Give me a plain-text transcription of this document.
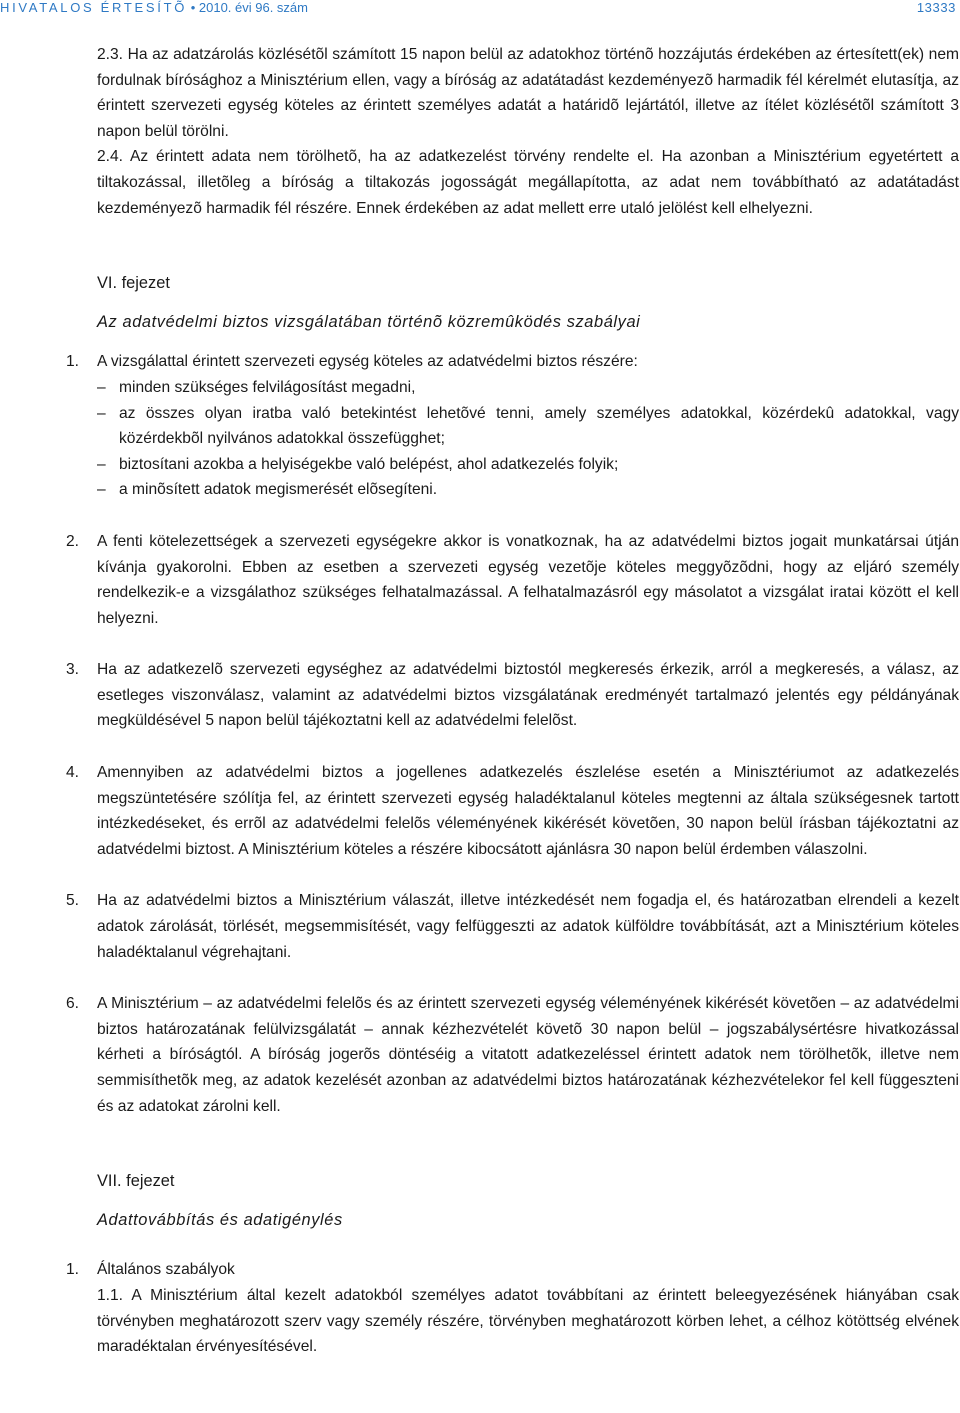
HIVATALOS ÉRTESÍTÕ • 2010. évi 96. szám	13333

2.3. Ha az adatzárolás közlésétõl számított 15 napon belül az adatokhoz történõ hozzájutás érdekében az értesített(ek) nem fordulnak bírósághoz a Minisztérium ellen, vagy a bíróság az adatátadást kezdeményezõ harmadik fél kérelmét elutasítja, az érintett szervezeti egység köteles az érintett személyes adatát a határidõ lejártától, illetve az ítélet közlésétõl számított 3 napon belül törölni.

2.4. Az érintett adata nem törölhetõ, ha az adatkezelést törvény rendelte el. Ha azonban a Minisztérium egyetértett a tiltakozással, illetõleg a bíróság a tiltakozás jogosságát megállapította, az adat nem továbbítható az adatátadást kezdeményezõ harmadik fél részére. Ennek érdekében az adat mellett erre utaló jelölést kell elhelyezni.

VI. fejezet

Az adatvédelmi biztos vizsgálatában történõ közremûködés szabályai

1. A vizsgálattal érintett szervezeti egység köteles az adatvédelmi biztos részére:

– minden szükséges felvilágosítást megadni,

– az összes olyan iratba való betekintést lehetõvé tenni, amely személyes adatokkal, közérdekû adatokkal, vagy közérdekbõl nyilvános adatokkal összefügghet;

– biztosítani azokba a helyiségekbe való belépést, ahol adatkezelés folyik;

– a minõsített adatok megismerését elõsegíteni.

2. A fenti kötelezettségek a szervezeti egységekre akkor is vonatkoznak, ha az adatvédelmi biztos jogait munkatársai útján kívánja gyakorolni. Ebben az esetben a szervezeti egység vezetõje köteles meggyõzõdni, hogy az eljáró személy rendelkezik-e a vizsgálathoz szükséges felhatalmazással. A felhatalmazásról egy másolatot a vizsgálat iratai között el kell helyezni.

3. Ha az adatkezelõ szervezeti egységhez az adatvédelmi biztostól megkeresés érkezik, arról a megkeresés, a válasz, az esetleges viszonválasz, valamint az adatvédelmi biztos vizsgálatának eredményét tartalmazó jelentés egy példányának megküldésével 5 napon belül tájékoztatni kell az adatvédelmi felelõst.

4. Amennyiben az adatvédelmi biztos a jogellenes adatkezelés észlelése esetén a Minisztériumot az adatkezelés megszüntetésére szólítja fel, az érintett szervezeti egység haladéktalanul köteles megtenni az általa szükségesnek tartott intézkedéseket, és errõl az adatvédelmi felelõs véleményének kikérését követõen, 30 napon belül írásban tájékoztatni az adatvédelmi biztost. A Minisztérium köteles a részére kibocsátott ajánlásra 30 napon belül érdemben válaszolni.

5. Ha az adatvédelmi biztos a Minisztérium válaszát, illetve intézkedését nem fogadja el, és határozatban elrendeli a kezelt adatok zárolását, törlését, megsemmisítését, vagy felfüggeszti az adatok külföldre továbbítását, azt a Minisztérium köteles haladéktalanul végrehajtani.

6. A Minisztérium – az adatvédelmi felelõs és az érintett szervezeti egység véleményének kikérését követõen – az adatvédelmi biztos határozatának felülvizsgálatát – annak kézhezvételét követõ 30 napon belül – jogszabálysértésre hivatkozással kérheti a bíróságtól. A bíróság jogerõs döntéséig a vitatott adatkezeléssel érintett adatok nem törölhetõk, illetve nem semmisíthetõk meg, az adatok kezelését azonban az adatvédelmi biztos határozatának kézhezvételekor fel kell függeszteni és az adatokat zárolni kell.

VII. fejezet

Adattovábbítás és adatigénylés

1. Általános szabályok

1.1. A Minisztérium által kezelt adatokból személyes adatot továbbítani az érintett beleegyezésének hiányában csak törvényben meghatározott szerv vagy személy részére, törvényben meghatározott körben lehet, a célhoz kötöttség elvének maradéktalan érvényesítésével.
